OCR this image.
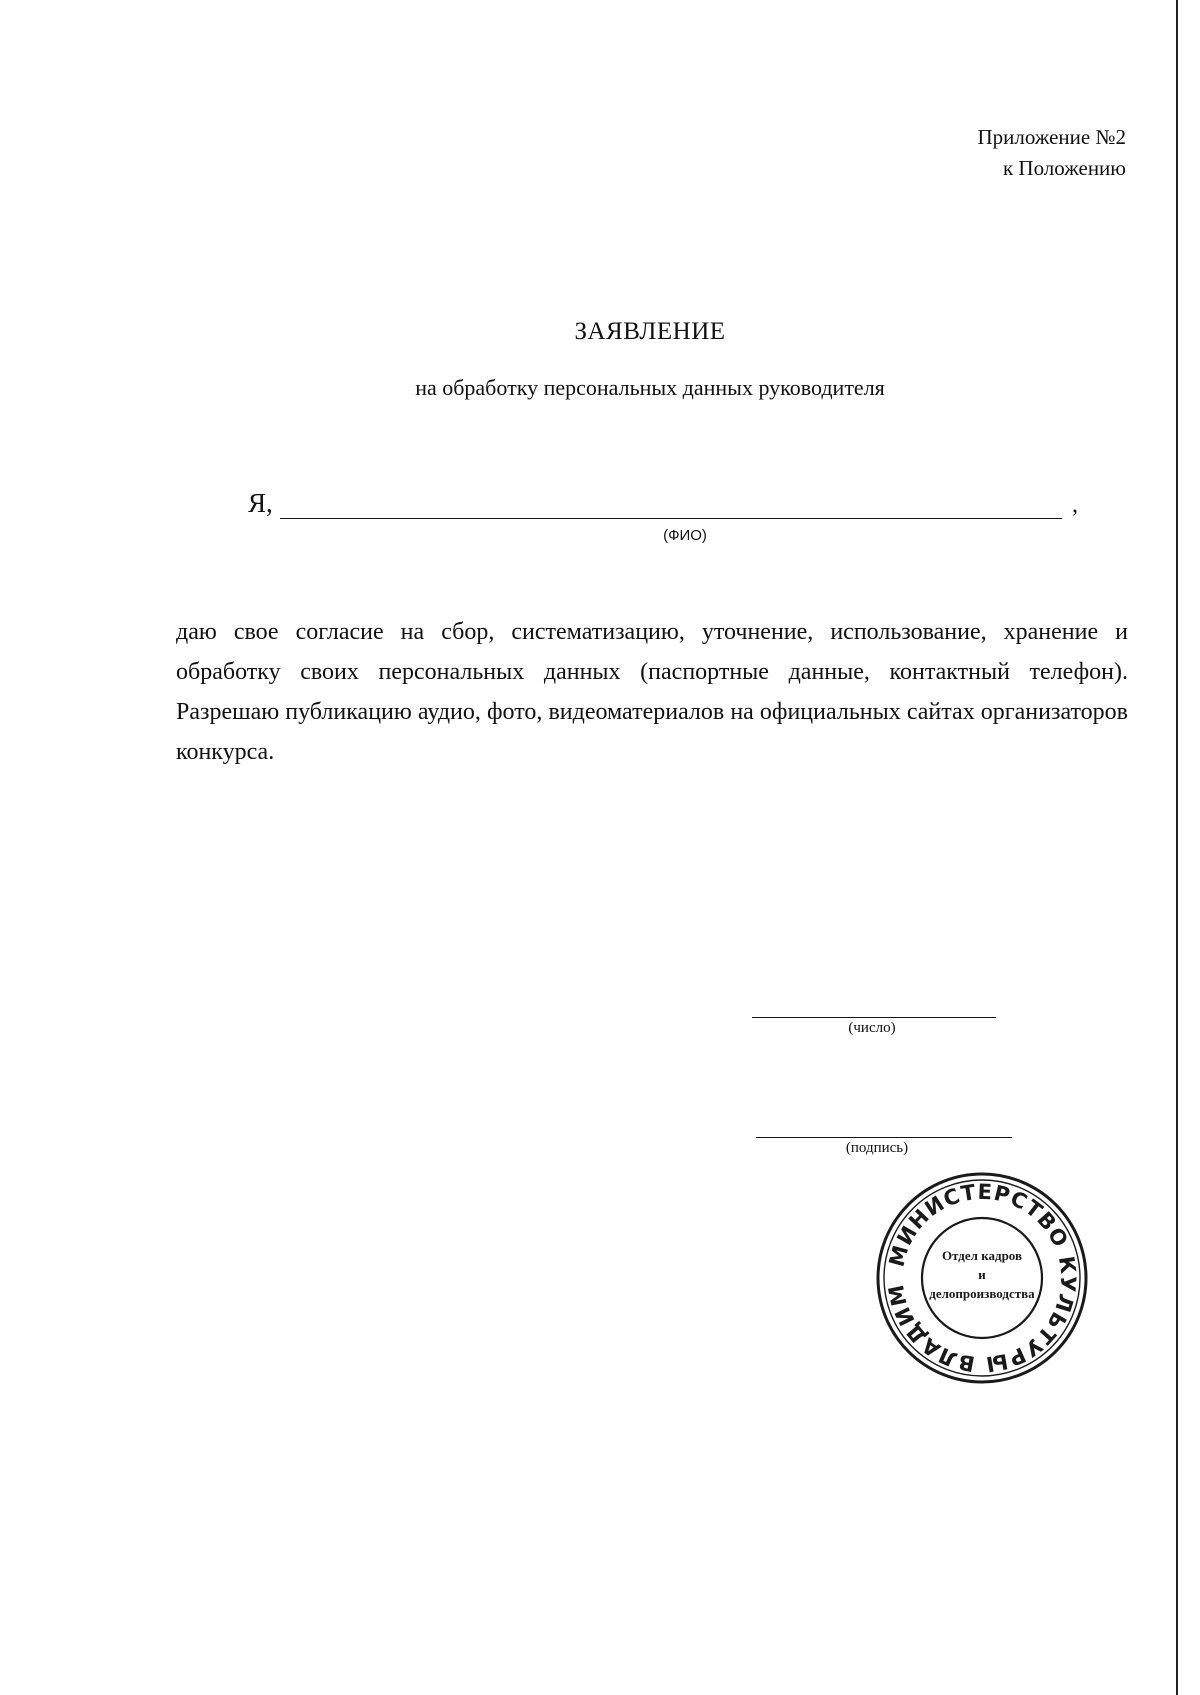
Приложение №2
к Положению
ЗАЯВЛЕНИЕ
на обработку персональных данных руководителя
Я,	,
(ФИО)
даю свое согласие на сбор, систематизацию, уточнение, использование, хранение и обработку своих персональных данных (паспортные данные, контактный телефон). Разрешаю публикацию аудио, фото, видеоматериалов на официальных сайтах организаторов конкурса.
(число)
(подпись)
МИНИСТЕРСТВО КУЛЬТУРЫ ВЛАДИМ
Отдел кадров
и
делопроизводства
